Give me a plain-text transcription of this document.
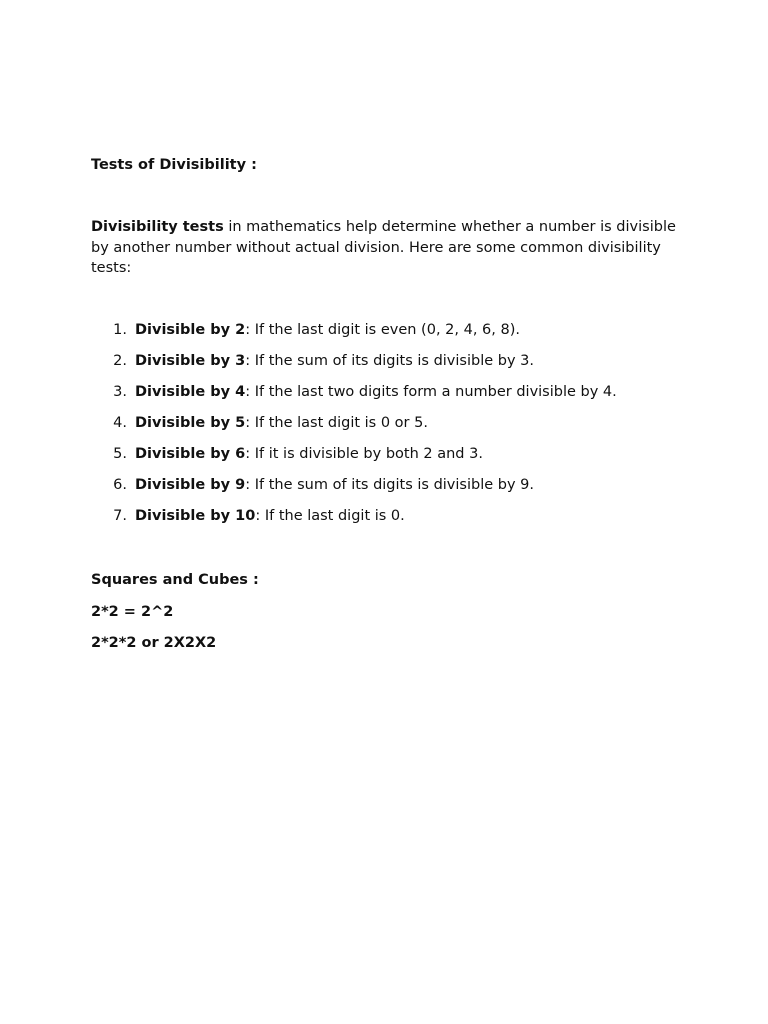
Tests of Divisibility :

Divisibility tests in mathematics help determine whether a number is divisible by another number without actual division. Here are some common divisibility tests:

1. Divisible by 2: If the last digit is even (0, 2, 4, 6, 8).
2. Divisible by 3: If the sum of its digits is divisible by 3.
3. Divisible by 4: If the last two digits form a number divisible by 4.
4. Divisible by 5: If the last digit is 0 or 5.
5. Divisible by 6: If it is divisible by both 2 and 3.
6. Divisible by 9: If the sum of its digits is divisible by 9.
7. Divisible by 10: If the last digit is 0.

Squares and Cubes :

2*2 = 2^2

2*2*2 or 2X2X2
